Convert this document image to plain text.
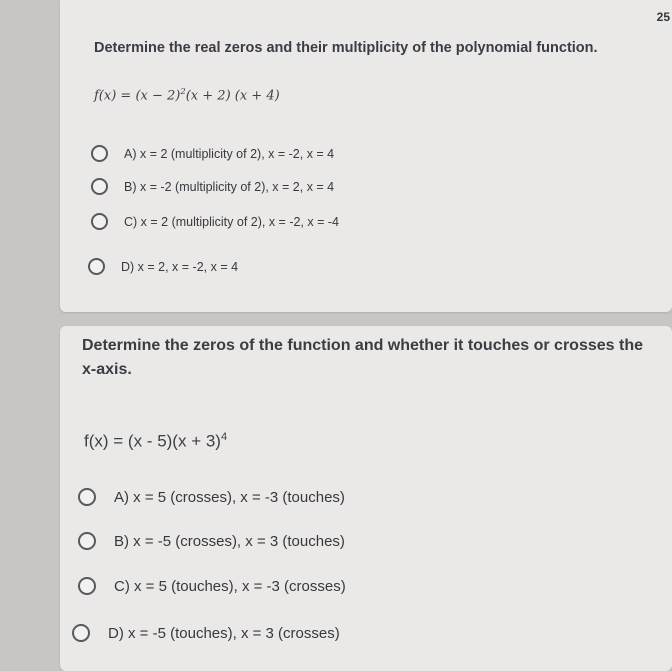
25
Determine the real zeros and their multiplicity of the polynomial function.
$f(x) = (x - 2)^2(x + 2)$ (x + 4)
A) x = 2 (multiplicity of 2), x = -2, x = 4
B) x = -2 (multiplicity of 2), x = 2, x = 4
C) x = 2 (multiplicity of 2), x = -2, x = -4
D) x = 2, x = -2, x = 4
Determine the zeros of the function and whether it touches or crosses the x-axis.
$f(x) = (x - 5)(x + 3)^4$
A) x = 5 (crosses), x = -3 (touches)
B) x = -5 (crosses), x = 3 (touches)
C) x = 5 (touches), x = -3 (crosses)
D) x = -5 (touches), x = 3 (crosses)
